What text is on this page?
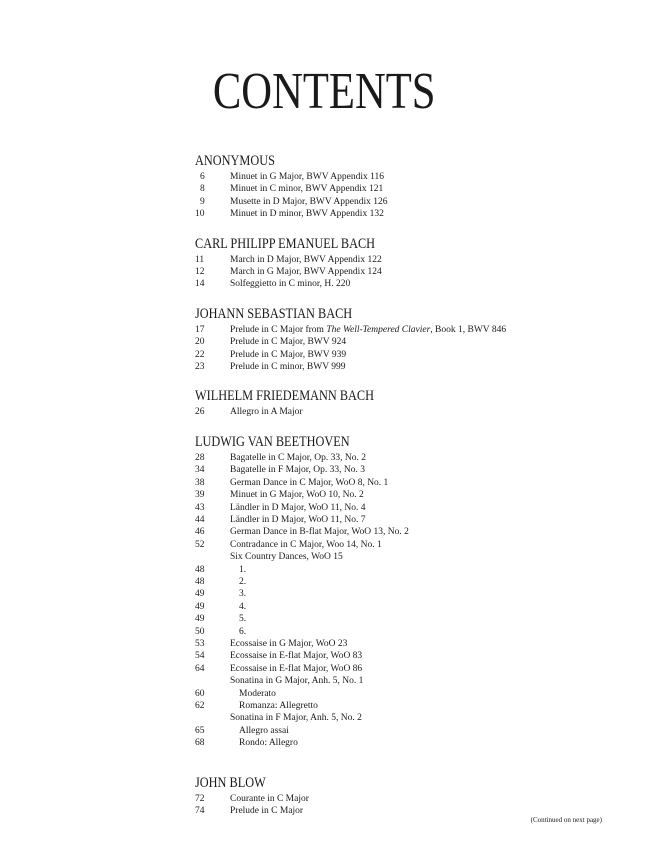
CONTENTS
ANONYMOUS
6	Minuet in G Major, BWV Appendix 116
8	Minuet in C minor, BWV Appendix 121
9	Musette in D Major, BWV Appendix 126
10	Minuet in D minor, BWV Appendix 132
CARL PHILIPP EMANUEL BACH
11	March in D Major, BWV Appendix 122
12	March in G Major, BWV Appendix 124
14	Solfeggietto in C minor, H. 220
JOHANN SEBASTIAN BACH
17	Prelude in C Major from The Well-Tempered Clavier, Book 1, BWV 846
20	Prelude in C Major, BWV 924
22	Prelude in C Major, BWV 939
23	Prelude in C minor, BWV 999
WILHELM FRIEDEMANN BACH
26	Allegro in A Major
LUDWIG VAN BEETHOVEN
28	Bagatelle in C Major, Op. 33, No. 2
34	Bagatelle in F Major, Op. 33, No. 3
38	German Dance in C Major, WoO 8, No. 1
39	Minuet in G Major, WoO 10, No. 2
43	Ländler in D Major, WoO 11, No. 4
44	Ländler in D Major, WoO 11, No. 7
46	German Dance in B-flat Major, WoO 13, No. 2
52	Contradance in C Major, Woo 14, No. 1
Six Country Dances, WoO 15
48	1.
48	2.
49	3.
49	4.
49	5.
50	6.
53	Ecossaise in G Major, WoO 23
54	Ecossaise in E-flat Major, WoO 83
64	Ecossaise in E-flat Major, WoO 86
Sonatina in G Major, Anh. 5, No. 1
60	Moderato
62	Romanza: Allegretto
Sonatina in F Major, Anh. 5, No. 2
65	Allegro assai
68	Rondo: Allegro
JOHN BLOW
72	Courante in C Major
74	Prelude in C Major
(Continued on next page)
